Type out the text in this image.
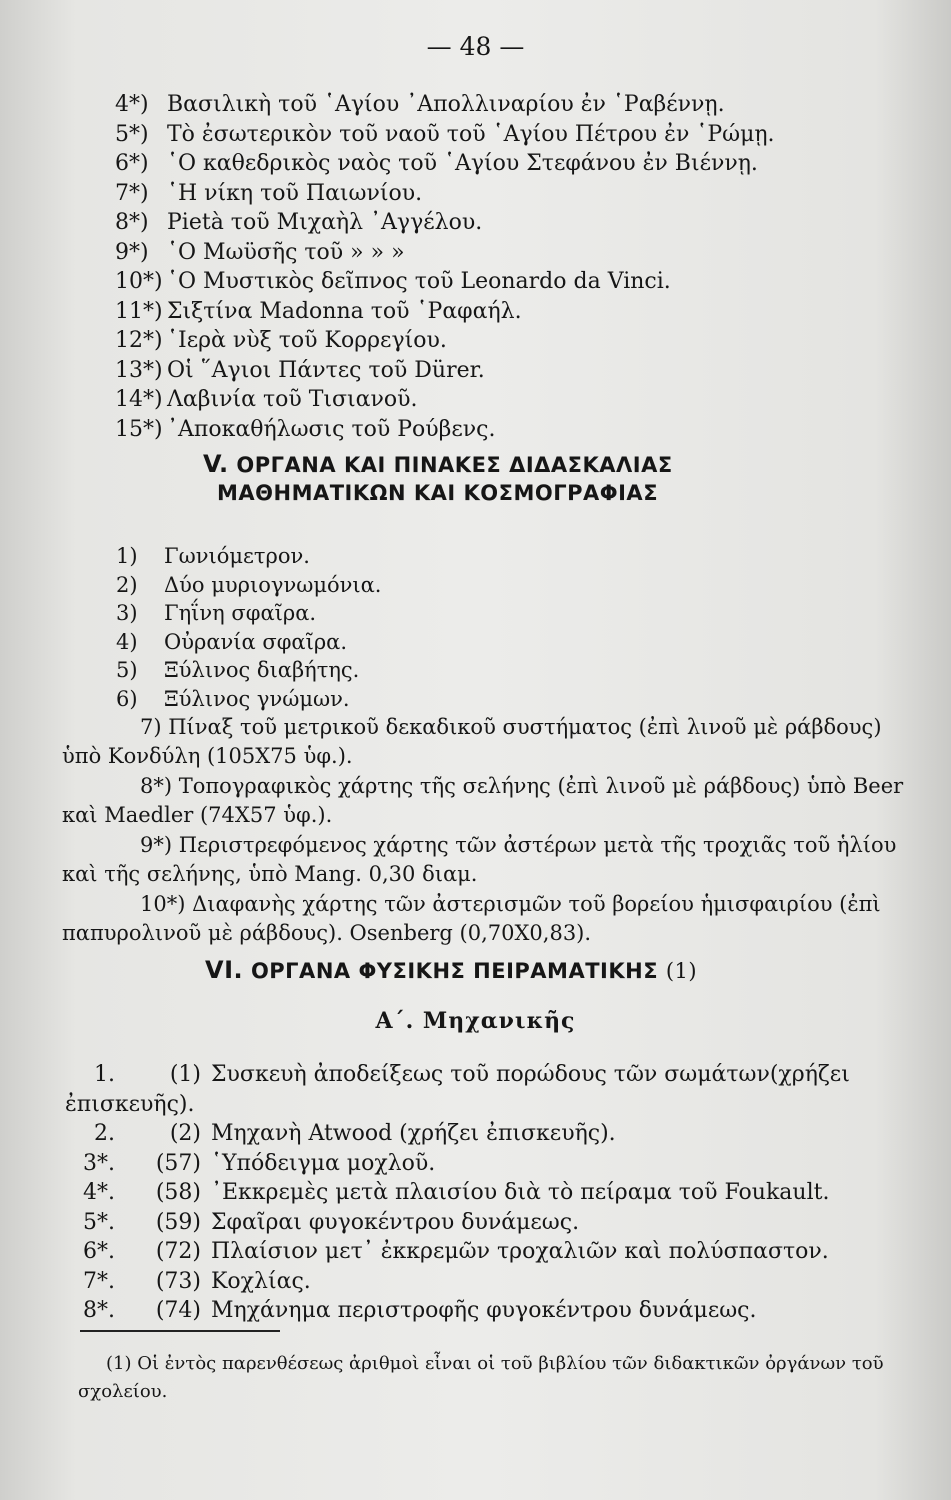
— 48 —
4*) Βασιλικὴ τοῦ ῾Αγίου ᾿Απολλιναρίου ἐν ῾Ραβέννῃ.
5*) Τὸ ἐσωτερικὸν τοῦ ναοῦ τοῦ ῾Αγίου Πέτρου ἐν ῾Ρώμῃ.
6*) ῾Ο καθεδρικὸς ναὸς τοῦ ῾Αγίου Στεφάνου ἐν Βιέννῃ.
7*) ῾Η νίκη τοῦ Παιωνίου.
8*) Pietà τοῦ Μιχαὴλ ᾿Αγγέλου.
9*) ῾Ο Μωϋσῆς τοῦ » » »
10*) ῾Ο Μυστικὸς δεῖπνος τοῦ Leonardo da Vinci.
11*) Σιξτίνα Madonna τοῦ ῾Ραφαήλ.
12*) ῾Ιερὰ νὺξ τοῦ Κορρεγίου.
13*) Οἱ ῞Αγιοι Πάντες τοῦ Dürer.
14*) Λαβινία τοῦ Τισιανοῦ.
15*) ᾿Αποκαθήλωσις τοῦ Ρούβενς.
V. ΟΡΓΑΝΑ ΚΑΙ ΠΙΝΑΚΕΣ ΔΙΔΑΣΚΑΛΙΑΣ
ΜΑΘΗΜΑΤΙΚΩΝ ΚΑΙ ΚΟΣΜΟΓΡΑΦΙΑΣ
1) Γωνιόμετρον.
2) Δύο μυριογνωμόνια.
3) Γηΐνη σφαῖρα.
4) Οὐρανία σφαῖρα.
5) Ξύλινος διαβήτης.
6) Ξύλινος γνώμων.
7) Πίναξ τοῦ μετρικοῦ δεκαδικοῦ συστήματος (ἐπὶ λινοῦ μὲ ράβδους) ὑπὸ Κονδύλη (105Χ75 ὑφ.).
8*) Τοπογραφικὸς χάρτης τῆς σελήνης (ἐπὶ λινοῦ μὲ ράβδους) ὑπὸ Beer καὶ Maedler (74Χ57 ὑφ.).
9*) Περιστρεφόμενος χάρτης τῶν ἀστέρων μετὰ τῆς τροχιᾶς τοῦ ἡλίου καὶ τῆς σελήνης, ὑπὸ Mang. 0,30 διαμ.
10*) Διαφανὴς χάρτης τῶν ἀστερισμῶν τοῦ βορείου ἡμισφαιρίου (ἐπὶ παπυρολινοῦ μὲ ράβδους). Osenberg (0,70Χ0,83).
VI. ΟΡΓΑΝΑ ΦΥΣΙΚΗΣ ΠΕΙΡΑΜΑΤΙΚΗΣ (1)
Α΄. Μηχανικῆς
1. (1) Συσκευὴ ἀποδείξεως τοῦ πορώδους τῶν σωμάτων(χρήζει
ἐπισκευῆς).
2. (2) Μηχανὴ Atwood (χρήζει ἐπισκευῆς).
3*. (57) ῾Υπόδειγμα μοχλοῦ.
4*. (58) ᾿Εκκρεμὲς μετὰ πλαισίου διὰ τὸ πείραμα τοῦ Foukault.
5*. (59) Σφαῖραι φυγοκέντρου δυνάμεως.
6*. (72) Πλαίσιον μετ᾿ ἐκκρεμῶν τροχαλιῶν καὶ πολύσπαστον.
7*. (73) Κοχλίας.
8*. (74) Μηχάνημα περιστροφῆς φυγοκέντρου δυνάμεως.
(1) Οἱ ἐντὸς παρενθέσεως ἀριθμοὶ εἶναι οἱ τοῦ βιβλίου τῶν διδακτικῶν ὀργάνων τοῦ σχολείου.
